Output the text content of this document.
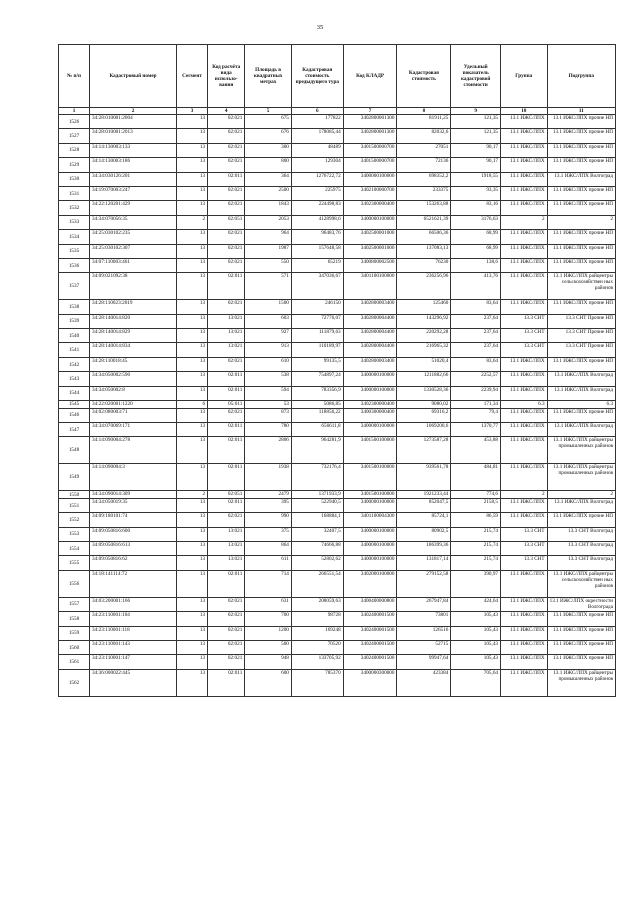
35
№ п/п	Кадастровый номер	Сегмент	Код расчёта вида использо-вания	Площадь в квадратных метрах	Кадастровая стоимость предыдущего тура	Код КЛАДР	Кадастровая стоимость	Удельный показатель кадастровой стоимости	Группа	Подгруппа
1	2	3	4	5	6	7	8	9	10	11
1526	34:28:010001:2004	13	02:021	675	177822	3402800001300	81911,25	121,35	13.1 ИЖС/ЛПХ	13.1 ИЖС/ЛПХ прочие НП
1527	34:28:010001:2013	13	02:021	676	178085,44	3402800001300	82032,6	121,35	13.1 ИЖС/ЛПХ	13.1 ИЖС/ЛПХ прочие НП
1528	34:14:130003:133	13	02:021	300	48489	3401500000700	27051	90,17	13.1 ИЖС/ЛПХ	13.1 ИЖС/ЛПХ прочие НП
1529	34:14:130003:186	13	02:021	800	129304	3401500000700	72136	90,17	13.1 ИЖС/ЛПХ	13.1 ИЖС/ЛПХ прочие НП
1530	34:34:030126:201	13	02:011	364	1276722,72	3400000100000	698352,2	1918,55	13.1 ИЖС/ЛПХ	13.1 ИЖС/ЛПХ Волгоград
1531	34:19:070003:247	13	02:021	2500	225975	3402100000700	233375	93,35	13.1 ИЖС/ЛПХ	13.1 ИЖС/ЛПХ прочие НП
1532	34:22:120201:429	13	02:021	1843	224498,83	3402300000400	153263,88	83,16	13.1 ИЖС/ЛПХ	13.1 ИЖС/ЛПХ прочие НП
1533	34:34:070056:35	2	02:051	2053	4128998,6	3400000100000	6521621,39	3176,63	2	2
1534	34:25:030102:235	13	02:021	964	96483,76	3402500001000	66506,36	68,99	13.1 ИЖС/ЛПХ	13.1 ИЖС/ЛПХ прочие НП
1535	34:25:030102:307	13	02:021	1987	157648,58	3402500001000	137083,13	68,99	13.1 ИЖС/ЛПХ	13.1 ИЖС/ЛПХ прочие НП
1536	34:07:110003:461	13	02:021	550	65219	3400800002500	76230	138,6	13.1 ИЖС/ЛПХ	13.1 ИЖС/ЛПХ прочие НП
1537	34:09:021092:38	13	02:011	571	347036,67	3401100100000	236256,96	413,76	13.1 ИЖС/ЛПХ	13.1 ИЖС/ЛПХ райцентры сельскохозяйствен ных районов
1538	34:28:110023:2019	13	02:021	1500	246150	3402800003400	125460	83,64	13.1 ИЖС/ЛПХ	13.1 ИЖС/ЛПХ прочие НП
1539	34:28:140014:820	13	13:021	603	72776,07	3402800004400	143296,92	237,64	13.3 СНТ	13.3 СНТ Прочие НП
1540	34:28:140014:829	13	13:021	927	111879,63	3402800004400	220292,28	237,64	13.3 СНТ	13.3 СНТ Прочие НП
1541	34:28:140014:834	13	13:021	913	110189,97	3402800004400	216965,32	237,64	13.3 СНТ	13.3 СНТ Прочие НП
1542	34:28:110018:45	13	02:021	610	99135,5	3402800003400	51020,4	83,64	13.1 ИЖС/ЛПХ	13.1 ИЖС/ЛПХ прочие НП
1543	34:34:050002:590	13	02:011	538	754897,24	3400000100000	1211882,66	2252,57	13.1 ИЖС/ЛПХ	13.1 ИЖС/ЛПХ Волгоград
1544	34:34:050002:8	13	02:011	594	783356,9	3400000100000	1330528,36	2239,94	13.1 ИЖС/ЛПХ	13.1 ИЖС/ЛПХ Волгоград
1545	34:22:020001:1220	6	05:011	53	5086,85	3402300000400	9080,02	171,34	6.3	6.3
1546	34:02:080003:71	13	02:021	873	118856,22	3400300000400	69316,2	79,4	13.1 ИЖС/ЛПХ	13.1 ИЖС/ЛПХ прочие НП
1547	34:34:070069:171	13	02:011	780	656611,8	3400000100000	1069200,6	1370,77	13.1 ИЖС/ЛПХ	13.1 ИЖС/ЛПХ Волгоград
1548	34:14:090004:278	13	02:011	2806	964281,9	3401500100000	1273587,28	453,88	13.1 ИЖС/ЛПХ	13.1 ИЖС/ЛПХ райцентры промышленных районов
1549	34:14:090004:3	13	02:011	1938	732176,4	3401500100000	939561,78	484,81	13.1 ИЖС/ЛПХ	13.1 ИЖС/ЛПХ райцентры промышленных районов
1550	34:34:090014:309	2	02:051	2479	1371933,9	3401500100000	1921233,44	774,6	2	2
1551	34:34:050019:35	13	02:011	395	522940,5	3400000100000	852047,5	2158,5	13.1 ИЖС/ЛПХ	13.1 ИЖС/ЛПХ Волгоград
1552	34:09:180101:74	13	02:021	990	168884,1	3401100004300	85724,1	86,59	13.1 ИЖС/ЛПХ	13.1 ИЖС/ЛПХ прочие НП
1553	34:09:050816:600	13	13:021	375	32407,5	3400000100000	80902,5	215,74	13.3 СНТ	13.3 СНТ Волгоград
1554	34:09:050816:613	13	13:021	864	74666,88	3400000100000	186399,36	215,74	13.3 СНТ	13.3 СНТ Волгоград
1555	34:09:050816:62	13	13:021	611	52802,62	3400000100000	131817,14	215,74	13.3 СНТ	13.3 СНТ Волгоград
1556	34:18:141114:72	13	02:011	714	266551,54	3402000100000	279152,58	390,97	13.1 ИЖС/ЛПХ	13.1 ИЖС/ЛПХ райцентры сельскохозяйствен ных районов
1557	34:03:200001:166	13	02:021	631	208059,63	3400400000800	267947,84	424,64	13.1 ИЖС/ЛПХ	13.1 ИЖС/ЛПХ окрестности Волгограда
1558	34:23:110001:104	13	02:021	700	98728	3402400001500	73801	105,43	13.1 ИЖС/ЛПХ	13.1 ИЖС/ЛПХ прочие НП
1559	34:23:110001:118	13	02:021	1200	169248	3402400001500	126516	105,43	13.1 ИЖС/ЛПХ	13.1 ИЖС/ЛПХ прочие НП
1560	34:23:110001:143	13	02:021	500	70520	3402400001500	52715	105,43	13.1 ИЖС/ЛПХ	13.1 ИЖС/ЛПХ прочие НП
1561	34:23:110001:147	13	02:021	948	133705,92	3402400001500	99947,64	105,43	13.1 ИЖС/ЛПХ	13.1 ИЖС/ЛПХ прочие НП
1562	34:36:000022:445	13	02:011	600	785370	3400000300000	423384	705,64	13.1 ИЖС/ЛПХ	13.1 ИЖС/ЛПХ райцентры промышленных районов
